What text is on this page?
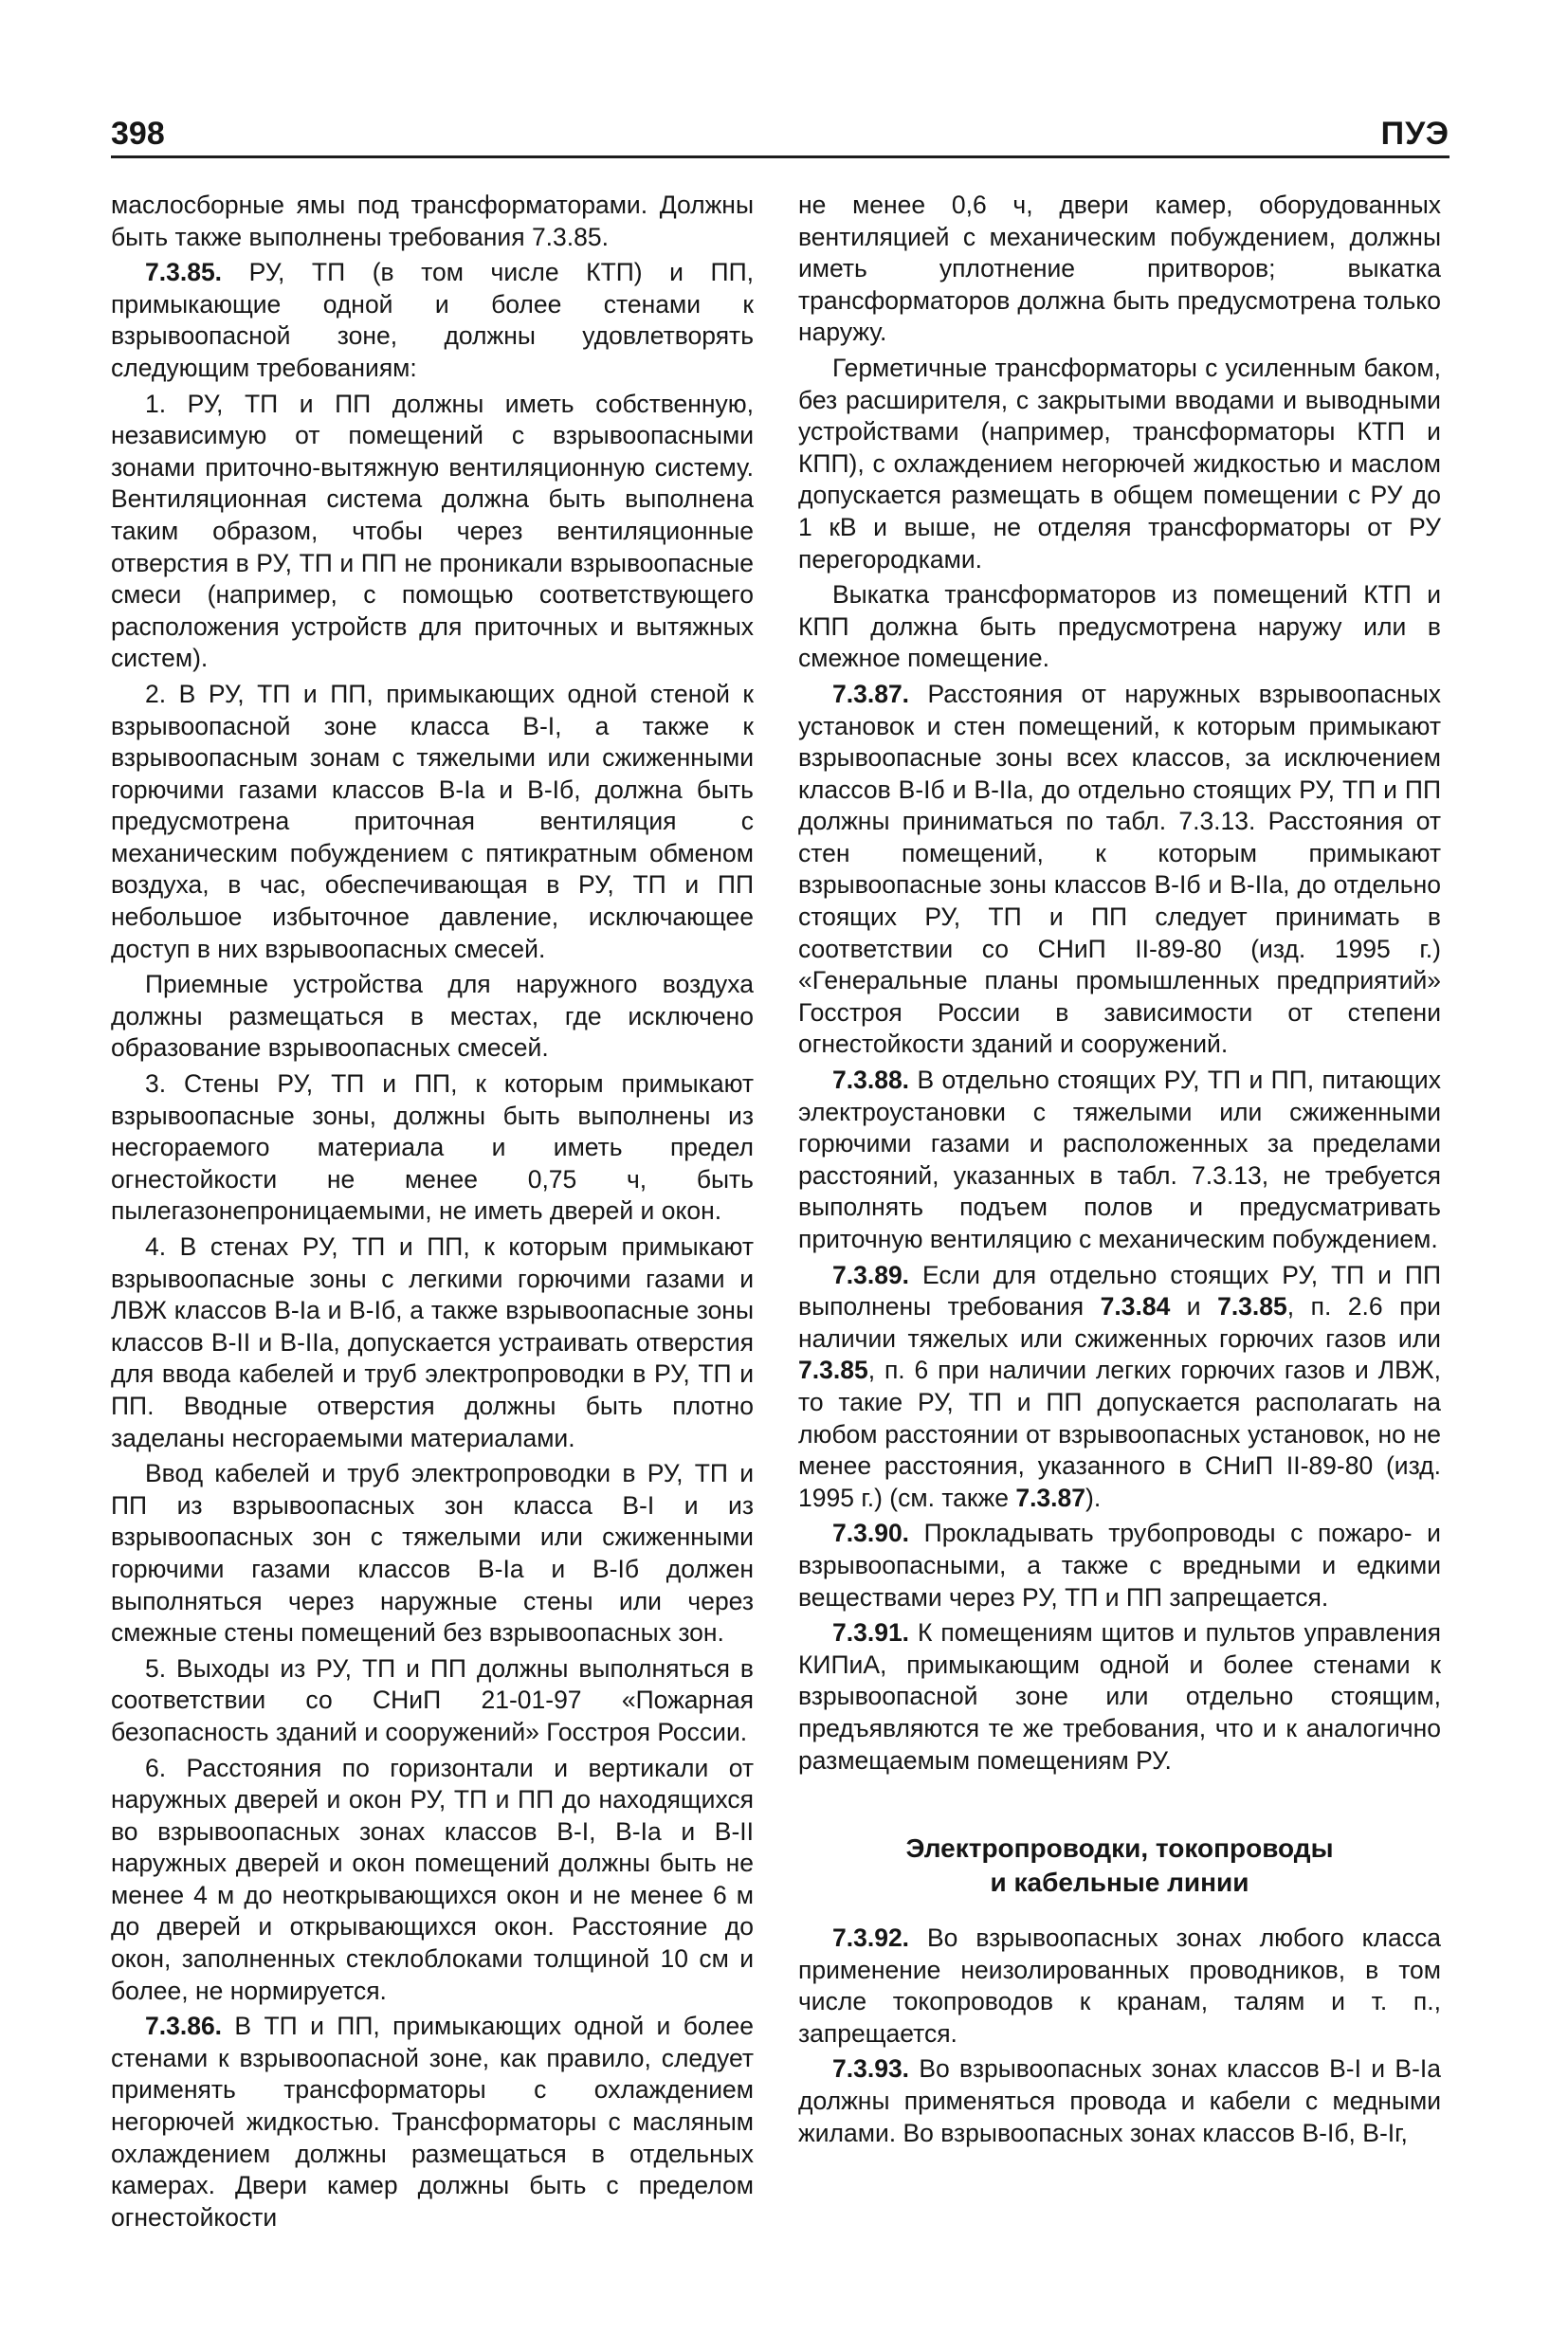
398	ПУЭ

маслосборные ямы под трансформаторами. Должны быть также выполнены требования 7.3.85.

7.3.85. РУ, ТП (в том числе КТП) и ПП, примыкающие одной и более стенами к взрывоопасной зоне, должны удовлетворять следующим требованиям:

1. РУ, ТП и ПП должны иметь собственную, независимую от помещений с взрывоопасными зонами приточно-вытяжную вентиляционную систему. Вентиляционная система должна быть выполнена таким образом, чтобы через вентиляционные отверстия в РУ, ТП и ПП не проникали взрывоопасные смеси (например, с помощью соответствующего расположения устройств для приточных и вытяжных систем).

2. В РУ, ТП и ПП, примыкающих одной стеной к взрывоопасной зоне класса В-I, а также к взрывоопасным зонам с тяжелыми или сжиженными горючими газами классов В-Iа и В-Iб, должна быть предусмотрена приточная вентиляция с механическим побуждением с пятикратным обменом воздуха, в час, обеспечивающая в РУ, ТП и ПП небольшое избыточное давление, исключающее доступ в них взрывоопасных смесей.

Приемные устройства для наружного воздуха должны размещаться в местах, где исключено образование взрывоопасных смесей.

3. Стены РУ, ТП и ПП, к которым примыкают взрывоопасные зоны, должны быть выполнены из несгораемого материала и иметь предел огнестойкости не менее 0,75 ч, быть пылегазонепроницаемыми, не иметь дверей и окон.

4. В стенах РУ, ТП и ПП, к которым примыкают взрывоопасные зоны с легкими горючими газами и ЛВЖ классов В-Iа и В-Iб, а также взрывоопасные зоны классов В-II и В-IIа, допускается устраивать отверстия для ввода кабелей и труб электропроводки в РУ, ТП и ПП. Вводные отверстия должны быть плотно заделаны несгораемыми материалами.

Ввод кабелей и труб электропроводки в РУ, ТП и ПП из взрывоопасных зон класса В-I и из взрывоопасных зон с тяжелыми или сжиженными горючими газами классов В-Iа и В-Iб должен выполняться через наружные стены или через смежные стены помещений без взрывоопасных зон.

5. Выходы из РУ, ТП и ПП должны выполняться в соответствии со СНиП 21-01-97 «Пожарная безопасность зданий и сооружений» Госстроя России.

6. Расстояния по горизонтали и вертикали от наружных дверей и окон РУ, ТП и ПП до находящихся во взрывоопасных зонах классов В-I, В-Iа и В-II наружных дверей и окон помещений должны быть не менее 4 м до неоткрывающихся окон и не менее 6 м до дверей и открывающихся окон. Расстояние до окон, заполненных стеклоблоками толщиной 10 см и более, не нормируется.

7.3.86. В ТП и ПП, примыкающих одной и более стенами к взрывоопасной зоне, как правило, следует применять трансформаторы с охлаждением негорючей жидкостью. Трансформаторы с масляным охлаждением должны размещаться в отдельных камерах. Двери камер должны быть с пределом огнестойкости

не менее 0,6 ч, двери камер, оборудованных вентиляцией с механическим побуждением, должны иметь уплотнение притворов; выкатка трансформаторов должна быть предусмотрена только наружу.

Герметичные трансформаторы с усиленным баком, без расширителя, с закрытыми вводами и выводными устройствами (например, трансформаторы КТП и КПП), с охлаждением негорючей жидкостью и маслом допускается размещать в общем помещении с РУ до 1 кВ и выше, не отделяя трансформаторы от РУ перегородками.

Выкатка трансформаторов из помещений КТП и КПП должна быть предусмотрена наружу или в смежное помещение.

7.3.87. Расстояния от наружных взрывоопасных установок и стен помещений, к которым примыкают взрывоопасные зоны всех классов, за исключением классов В-Iб и В-IIа, до отдельно стоящих РУ, ТП и ПП должны приниматься по табл. 7.3.13. Расстояния от стен помещений, к которым примыкают взрывоопасные зоны классов В-Iб и В-IIа, до отдельно стоящих РУ, ТП и ПП следует принимать в соответствии со СНиП II-89-80 (изд. 1995 г.) «Генеральные планы промышленных предприятий» Госстроя России в зависимости от степени огнестойкости зданий и сооружений.

7.3.88. В отдельно стоящих РУ, ТП и ПП, питающих электроустановки с тяжелыми или сжиженными горючими газами и расположенных за пределами расстояний, указанных в табл. 7.3.13, не требуется выполнять подъем полов и предусматривать приточную вентиляцию с механическим побуждением.

7.3.89. Если для отдельно стоящих РУ, ТП и ПП выполнены требования 7.3.84 и 7.3.85, п. 2.6 при наличии тяжелых или сжиженных горючих газов или 7.3.85, п. 6 при наличии легких горючих газов и ЛВЖ, то такие РУ, ТП и ПП допускается располагать на любом расстоянии от взрывоопасных установок, но не менее расстояния, указанного в СНиП II-89-80 (изд. 1995 г.) (см. также 7.3.87).

7.3.90. Прокладывать трубопроводы с пожаро- и взрывоопасными, а также с вредными и едкими веществами через РУ, ТП и ПП запрещается.

7.3.91. К помещениям щитов и пультов управления КИПиА, примыкающим одной и более стенами к взрывоопасной зоне или отдельно стоящим, предъявляются те же требования, что и к аналогично размещаемым помещениям РУ.

Электропроводки, токопроводы
и кабельные линии

7.3.92. Во взрывоопасных зонах любого класса применение неизолированных проводников, в том числе токопроводов к кранам, талям и т. п., запрещается.

7.3.93. Во взрывоопасных зонах классов В-I и В-Iа должны применяться провода и кабели с медными жилами. Во взрывоопасных зонах классов В-Iб, В-Iг,
